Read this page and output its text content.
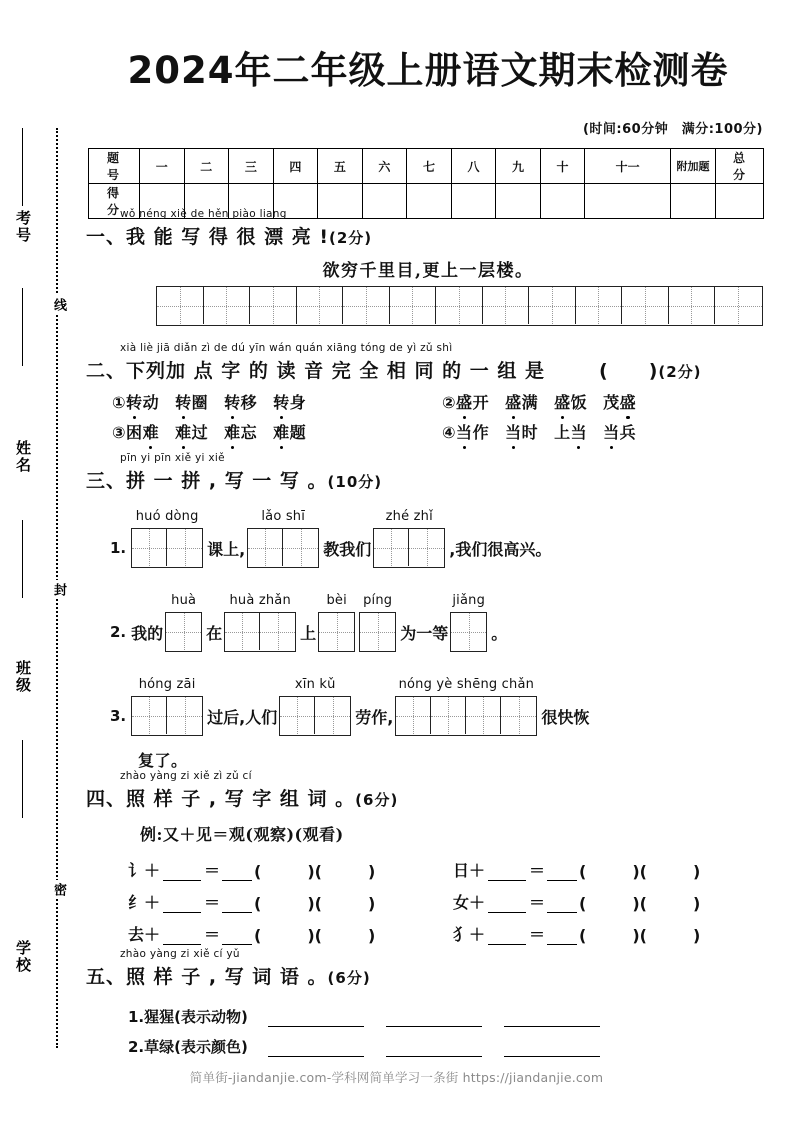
考号
姓名
班级
学校
线
封
密
2024年二年级上册语文期末检测卷
(时间:60分钟　满分:100分)
题　号	一	二	三	四	五	六	七	八	九	十	十一	附加题	总　分
得　分													
wǒ néng xiě de hěn piào liang
一、我 能 写 得 很 漂 亮 !(2分)
欲穷千里目,更上一层楼。
xià liè jiā diǎn zì de dú yīn wán quán xiāng tóng de yì zǔ shì
二、下列加 点 字 的 读 音 完 全 相 同 的 一 组 是	(　　)(2分)
①转动 转圈 转移 转身	②盛开 盛满 盛饭 茂盛
③困难 难过 难忘 难题	④当作 当时 上当 当兵
pīn yi pīn xiě yi xiě
三、拼 一 拼 , 写 一 写 。(10分)
1.
huó dòng
课上,
lǎo shī
教我们
zhé zhǐ
,我们很高兴。
2. 我的
huà
在
huà zhǎn
上
bèi	píng
为一等
jiǎng
。
3.
hóng zāi
过后,人们
xīn kǔ
劳作,
nóng yè shēng chǎn
很快恢
复了。
zhào yàng zi xiě zì zǔ cí
四、照 样 子 , 写 字 组 词 。(6分)
例:又＋见＝观(观察)(观看)
讠 ＋	＝ (	) (	)	日 ＋	＝ (	) (	)
纟 ＋	＝ (	) (	)	女 ＋	＝ (	) (	)
去 ＋	＝ (	) (	)	犭 ＋	＝ (	) (	)
zhào yàng zi xiě cí yǔ
五、照 样 子 , 写 词 语 。(6分)
1.猩猩(表示动物)
2.草绿(表示颜色)
简单街-jiandanjie.com-学科网简单学习一条街 https://jiandanjie.com
